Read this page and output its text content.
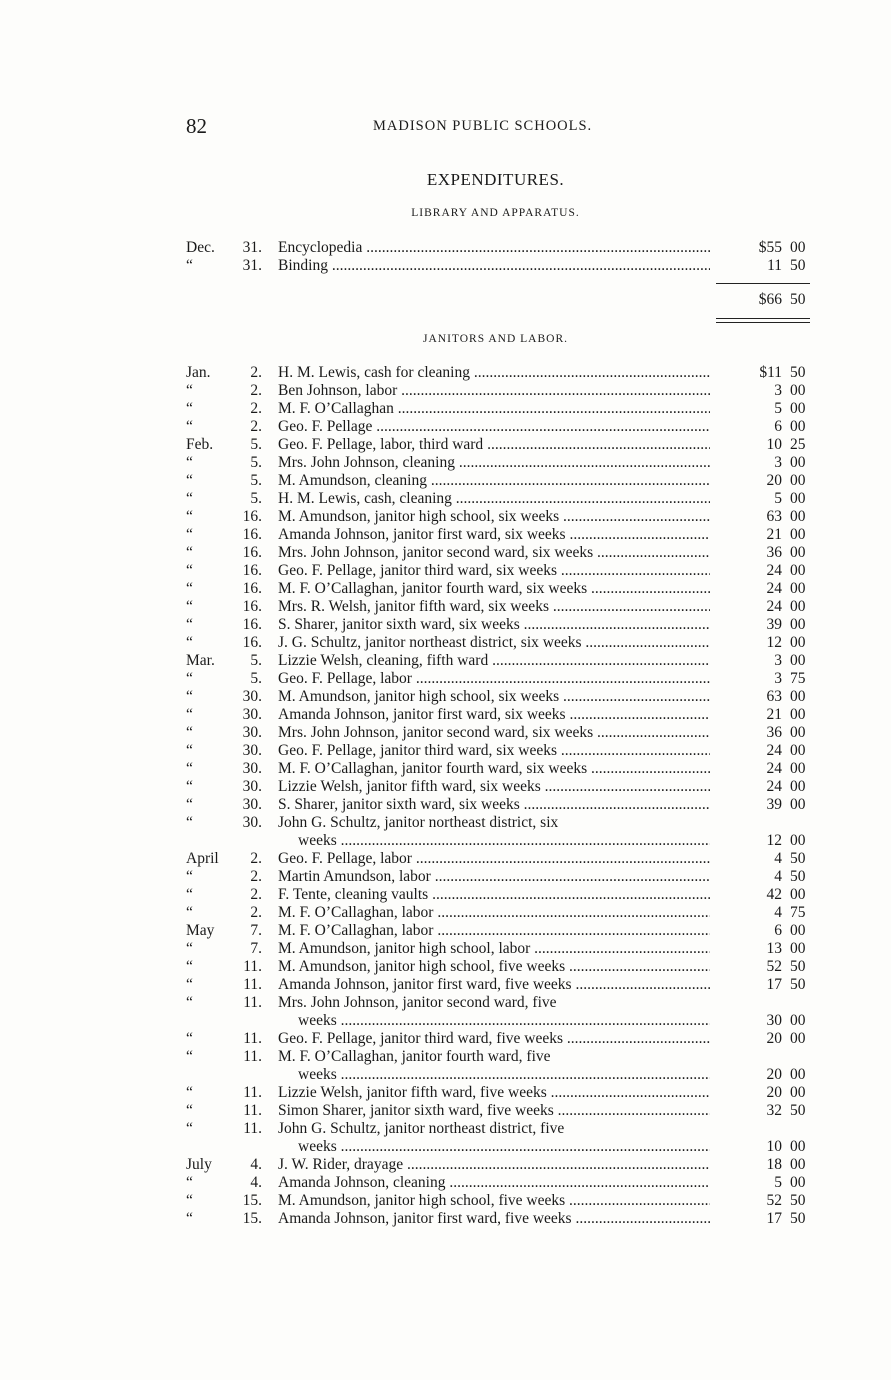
82	MADISON PUBLIC SCHOOLS.
EXPENDITURES.
LIBRARY AND APPARATUS.
Dec.	31. Encyclopedia .....	$55 00
“	31. Binding .....	11 50
$66 50
JANITORS AND LABOR.
Jan.	2. H. M. Lewis, cash for cleaning .....	$11 50
“	2. Ben Johnson, labor .....	3 00
“	2. M. F. O’Callaghan .....	5 00
“	2. Geo. F. Pellage .....	6 00
Feb.	5. Geo. F. Pellage, labor, third ward .....	10 25
“	5. Mrs. John Johnson, cleaning .....	3 00
“	5. M. Amundson, cleaning .....	20 00
“	5. H. M. Lewis, cash, cleaning .....	5 00
“	16. M. Amundson, janitor high school, six weeks .....	63 00
“	16. Amanda Johnson, janitor first ward, six weeks .....	21 00
“	16. Mrs. John Johnson, janitor second ward, six weeks .....	36 00
“	16. Geo. F. Pellage, janitor third ward, six weeks .....	24 00
“	16. M. F. O’Callaghan, janitor fourth ward, six weeks .....	24 00
“	16. Mrs. R. Welsh, janitor fifth ward, six weeks .....	24 00
“	16. S. Sharer, janitor sixth ward, six weeks .....	39 00
“	16. J. G. Schultz, janitor northeast district, six weeks .....	12 00
Mar.	5. Lizzie Welsh, cleaning, fifth ward .....	3 00
“	5. Geo. F. Pellage, labor .....	3 75
“	30. M. Amundson, janitor high school, six weeks .....	63 00
“	30. Amanda Johnson, janitor first ward, six weeks .....	21 00
“	30. Mrs. John Johnson, janitor second ward, six weeks .....	36 00
“	30. Geo. F. Pellage, janitor third ward, six weeks .....	24 00
“	30. M. F. O’Callaghan, janitor fourth ward, six weeks .....	24 00
“	30. Lizzie Welsh, janitor fifth ward, six weeks .....	24 00
“	30. S. Sharer, janitor sixth ward, six weeks .....	39 00
“	30. John G. Schultz, janitor northeast district, six
weeks .....	12 00
April	2. Geo. F. Pellage, labor .....	4 50
“	2. Martin Amundson, labor .....	4 50
“	2. F. Tente, cleaning vaults .....	42 00
“	2. M. F. O’Callaghan, labor .....	4 75
May	7. M. F. O’Callaghan, labor .....	6 00
“	7. M. Amundson, janitor high school, labor .....	13 00
“	11. M. Amundson, janitor high school, five weeks .....	52 50
“	11. Amanda Johnson, janitor first ward, five weeks .....	17 50
“	11. Mrs. John Johnson, janitor second ward, five
weeks .....	30 00
“	11. Geo. F. Pellage, janitor third ward, five weeks .....	20 00
“	11. M. F. O’Callaghan, janitor fourth ward, five
weeks .....	20 00
“	11. Lizzie Welsh, janitor fifth ward, five weeks .....	20 00
“	11. Simon Sharer, janitor sixth ward, five weeks .....	32 50
“	11. John G. Schultz, janitor northeast district, five
weeks .....	10 00
July	4. J. W. Rider, drayage .....	18 00
“	4. Amanda Johnson, cleaning .....	5 00
“	15. M. Amundson, janitor high school, five weeks .....	52 50
“	15. Amanda Johnson, janitor first ward, five weeks .....	17 50
